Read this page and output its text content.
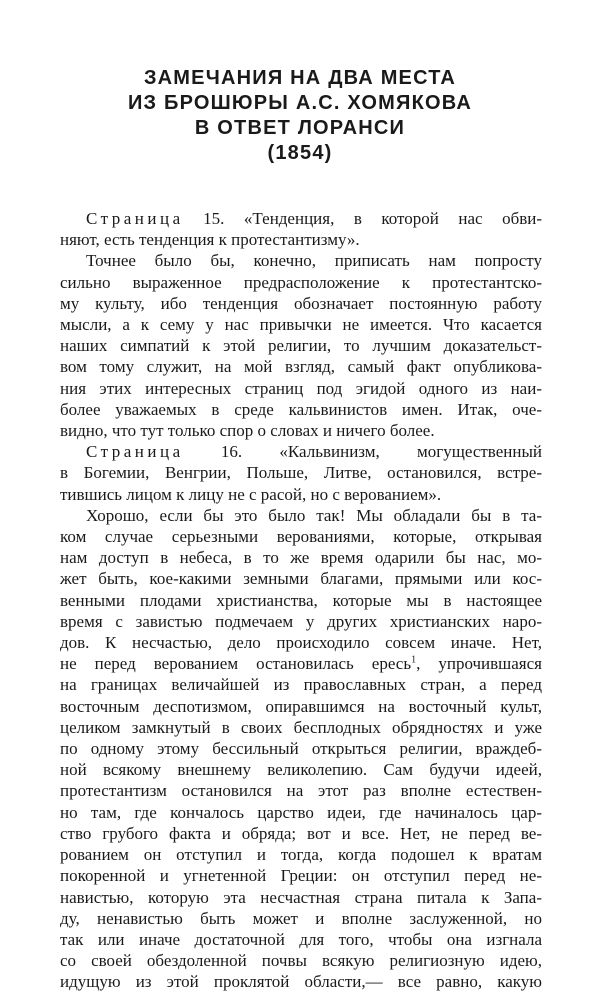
ЗАМЕЧАНИЯ НА ДВА МЕСТА
ИЗ БРОШЮРЫ А.С. ХОМЯКОВА
В ОТВЕТ ЛОРАНСИ
(1854)
Страница 15. «Тенденция, в которой нас обви-
няют, есть тенденция к протестантизму».
Точнее было бы, конечно, приписать нам попросту
сильно выраженное предрасположение к протестантско-
му культу, ибо тенденция обозначает постоянную работу
мысли, а к сему у нас привычки не имеется. Что касается
наших симпатий к этой религии, то лучшим доказательст-
вом тому служит, на мой взгляд, самый факт опубликова-
ния этих интересных страниц под эгидой одного из наи-
более уважаемых в среде кальвинистов имен. Итак, оче-
видно, что тут только спор о словах и ничего более.
Страница 16. «Кальвинизм, могущественный
в Богемии, Венгрии, Польше, Литве, остановился, встре-
тившись лицом к лицу не с расой, но с верованием».
Хорошо, если бы это было так! Мы обладали бы в та-
ком случае серьезными верованиями, которые, открывая
нам доступ в небеса, в то же время одарили бы нас, мо-
жет быть, кое-какими земными благами, прямыми или кос-
венными плодами христианства, которые мы в настоящее
время с завистью подмечаем у других христианских наро-
дов. К несчастью, дело происходило совсем иначе. Нет,
не перед верованием остановилась ересь$^1$, упрочившаяся
на границах величайшей из православных стран, а перед
восточным деспотизмом, опиравшимся на восточный культ,
целиком замкнутый в своих бесплодных обрядностях и уже
по одному этому бессильный открыться религии, враждеб-
ной всякому внешнему великолепию. Сам будучи идеей,
протестантизм остановился на этот раз вполне естествен-
но там, где кончалось царство идеи, где начиналось цар-
ство грубого факта и обряда; вот и все. Нет, не перед ве-
рованием он отступил и тогда, когда подошел к вратам
покоренной и угнетенной Греции: он отступил перед не-
навистью, которую эта несчастная страна питала к Запа-
ду, ненавистью быть может и вполне заслуженной, но
так или иначе достаточной для того, чтобы она изгнала
со своей обездоленной почвы всякую религиозную идею,
идущую из этой проклятой области,— все равно, какую
